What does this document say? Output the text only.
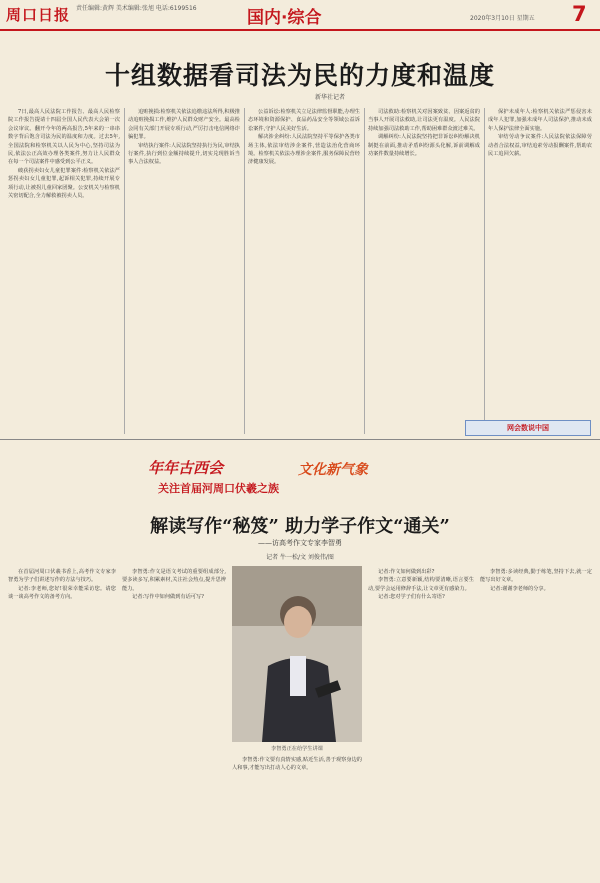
周口日报 责任编辑:黄辉 美术编辑:张旭 电话:6199516	国内·综合	2020年3月10日 星期五 7
十组数据看司法为民的力度和温度
新华社记者

7日,最高人民法院工作报告、最高人民检察院工作报告提请十四届全国人民代表大会第一次会议审议。翻开今年的两高报告,5年来的一串串数字背后饱含司法为民的温度和力度。过去5年,全国法院和检察机关以人民为中心,坚持司法为民,依法公正高效办理各类案件,努力让人民群众在每一个司法案件中感受到公平正义。

破获拐卖妇女儿童犯罪案件:检察机关依法严惩拐卖妇女儿童犯罪,起诉相关犯罪,持续开展专项行动,让被拐儿童回家团聚。公安机关与检察机关密切配合,全力解救被拐卖人员。

追赃挽损:检察机关依法追缴违法所得,积极推动追赃挽损工作,维护人民群众财产安全。最高检会同有关部门开展专项行动,严厉打击电信网络诈骗犯罪。

审结执行案件:人民法院坚持执行为民,审结执行案件,执行到位金额持续提升,切实兑现胜诉当事人合法权益。

公益诉讼:检察机关立足法律监督职能,办理生态环境和资源保护、食品药品安全等领域公益诉讼案件,守护人民美好生活。

解决涉企纠纷:人民法院坚持平等保护各类市场主体,依法审结涉企案件,营造法治化营商环境。检察机关依法办理涉企案件,服务保障民营经济健康发展。

司法救助:检察机关对因案致贫、因案返贫的当事人开展司法救助,让司法更有温度。人民法院持续加强司法救助工作,帮助困难群众渡过难关。

调解纠纷:人民法院坚持把非诉讼纠纷解决机制挺在前面,推动矛盾纠纷源头化解,诉前调解成功案件数量持续增长。

保护未成年人:检察机关依法严惩侵害未成年人犯罪,加强未成年人司法保护,推动未成年人保护法律全面实施。

审结劳动争议案件:人民法院依法保障劳动者合法权益,审结追索劳动报酬案件,帮助农民工追回欠薪。

网会数说中国
年年古西会	文化新气象
关注首届河周口伏羲之族
解读写作“秘笈” 助力学子作文“通关”
——访高考作文专家李智勇
记者 牛一松/文 刘俊伟/图

在首届河周口伏羲书香上,高考作文专家李智勇为学子们讲述写作的方法与技巧。

记者:李老师,您好!很荣幸能采访您。请您谈一谈高考作文的备考方向。

李智勇:作文是语文考试的重要组成部分,要多读多写,积累素材,关注社会热点,提升思辨能力。

记者:写作中如何做到有话可写?

李智勇正在给学生讲课

李智勇:作文要有真情实感,贴近生活,善于观察身边的人和事,才能写出打动人心的文章。

记者:作文如何做到出彩?

李智勇:立意要新颖,结构要清晰,语言要生动,要学会运用修辞手法,让文章更有感染力。

记者:您对学子们有什么寄语?

李智勇:多读经典,勤于练笔,坚持下去,就一定能写出好文章。

记者:谢谢李老师的分享。
